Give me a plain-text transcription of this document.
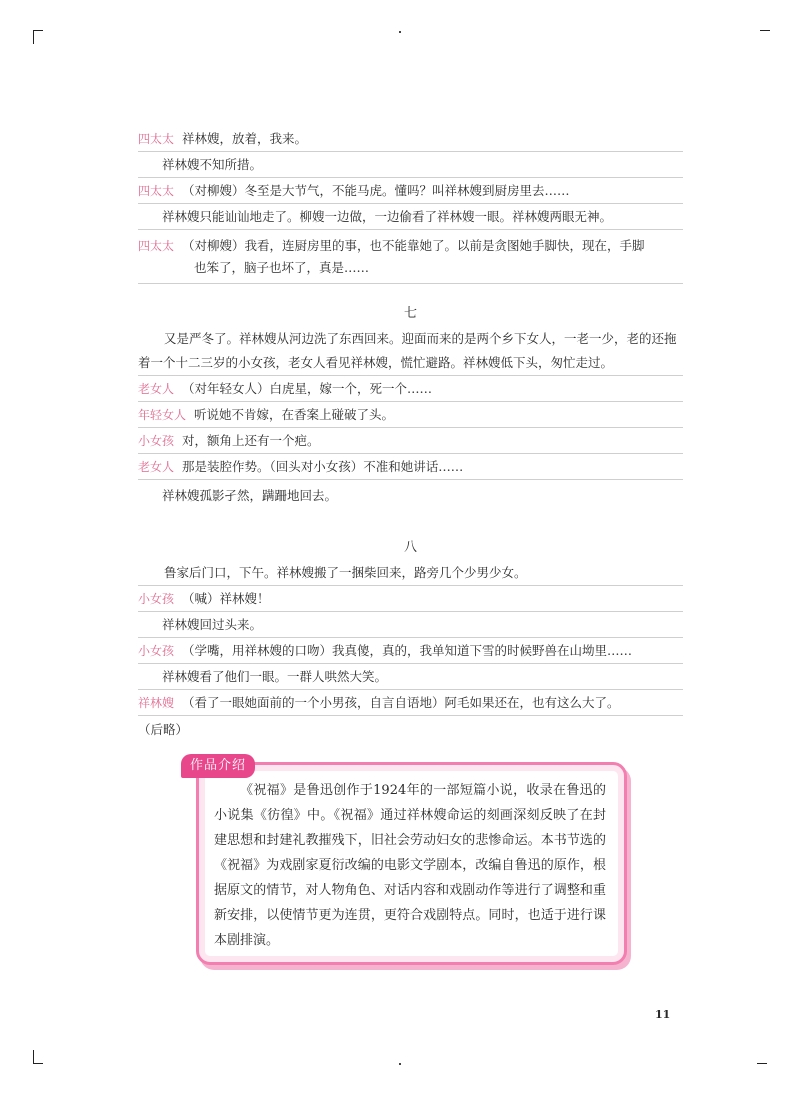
四太太 祥林嫂，放着，我来。
祥林嫂不知所措。
四太太 （对柳嫂）冬至是大节气，不能马虎。懂吗？叫祥林嫂到厨房里去……
祥林嫂只能讪讪地走了。柳嫂一边做，一边偷看了祥林嫂一眼。祥林嫂两眼无神。
四太太 （对柳嫂）我看，连厨房里的事，也不能靠她了。以前是贪图她手脚快，现在，手脚
也笨了，脑子也坏了，真是……
七
又是严冬了。祥林嫂从河边洗了东西回来。迎面而来的是两个乡下女人，一老一少，老的还拖着一个十二三岁的小女孩，老女人看见祥林嫂，慌忙避路。祥林嫂低下头，匆忙走过。
老女人 （对年轻女人）白虎星，嫁一个，死一个……
年轻女人 听说她不肯嫁，在香案上碰破了头。
小女孩 对，额角上还有一个疤。
老女人 那是装腔作势。（回头对小女孩）不准和她讲话……
祥林嫂孤影孑然，蹒跚地回去。
八
鲁家后门口，下午。祥林嫂搬了一捆柴回来，路旁几个少男少女。
小女孩 （喊）祥林嫂！
祥林嫂回过头来。
小女孩 （学嘴，用祥林嫂的口吻）我真傻，真的，我单知道下雪的时候野兽在山坳里……
祥林嫂看了他们一眼。一群人哄然大笑。
祥林嫂 （看了一眼她面前的一个小男孩，自言自语地）阿毛如果还在，也有这么大了。
（后略）
作品介绍
《祝福》是鲁迅创作于1924年的一部短篇小说，收录在鲁迅的小说集《彷徨》中。《祝福》通过祥林嫂命运的刻画深刻反映了在封建思想和封建礼教摧残下，旧社会劳动妇女的悲惨命运。本书节选的《祝福》为戏剧家夏衍改编的电影文学剧本，改编自鲁迅的原作，根据原文的情节，对人物角色、对话内容和戏剧动作等进行了调整和重新安排，以使情节更为连贯，更符合戏剧特点。同时，也适于进行课本剧排演。
11
